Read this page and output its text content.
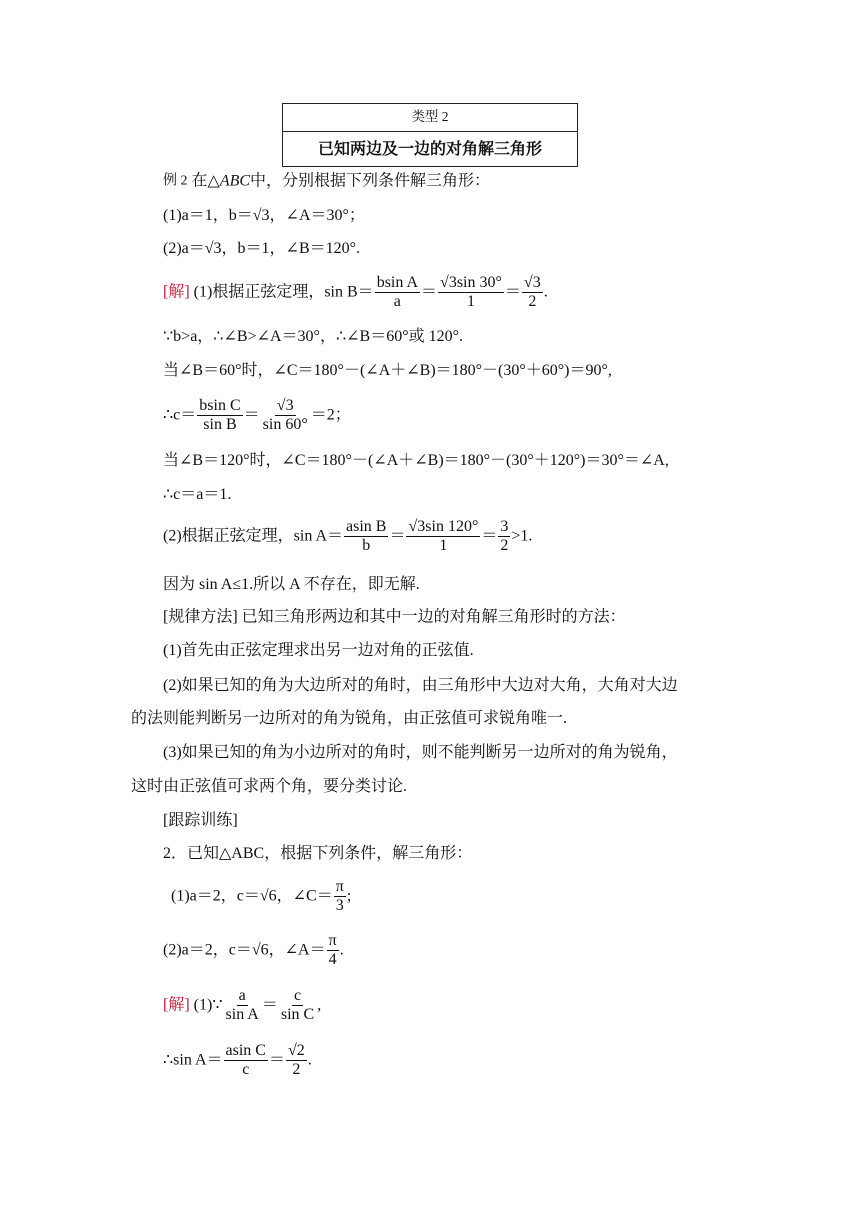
类型 2
已知两边及一边的对角解三角形
例 2 在△ABC中，分别根据下列条件解三角形：
(1)a＝1，b＝√3，∠A＝30°；
(2)a＝√3，b＝1，∠B＝120°.
[解] (1)根据正弦定理，$\sin B= \frac{\text{bsin A}}{a} = \frac{√3\sin 30^\circ}{1} = \frac{√3}{2}$ .
∵b>a，∴∠B>∠A＝30°，∴∠B＝60°或 120°.
当∠B＝60°时，∠C＝180°－(∠A＋∠B)＝180°－(30°＋60°)＝90°,
∴c＝ $\frac{\text{bsin C}}{\text{sin B}} = \frac{√3}{\sin 60^\circ} =2$；
当∠B＝120°时，∠C＝180°－(∠A＋∠B)＝180°－(30°＋120°)＝30°＝∠A,
∴c＝a＝1.
(2)根据正弦定理，$\sin A= \frac{\text{asin B}}{b} = \frac{√3\sin 120^\circ}{1} = \frac{3}{2} >1$.
因为 sin A≤1.所以 A 不存在，即无解.
[规律方法] 已知三角形两边和其中一边的对角解三角形时的方法：
(1)首先由正弦定理求出另一边对角的正弦值.
(2)如果已知的角为大边所对的角时，由三角形中大边对大角，大角对大边
的法则能判断另一边所对的角为锐角，由正弦值可求锐角唯一.
(3)如果已知的角为小边所对的角时，则不能判断另一边所对的角为锐角，
这时由正弦值可求两个角，要分类讨论.
[跟踪训练]
2．已知△ABC，根据下列条件，解三角形：
(1)a＝2，c＝√6，∠C＝ $\frac{\pi}{3}$ ;
(2)a＝2，c＝√6，∠A＝ $\frac{\pi}{4}$ .
[解] (1)∵ $\frac{a}{\text{sin A}} = \frac{c}{\text{sin C}}$ ,
∴sin $A= \frac{\text{asin C}}{c} = \frac{√2}{2}$ .
